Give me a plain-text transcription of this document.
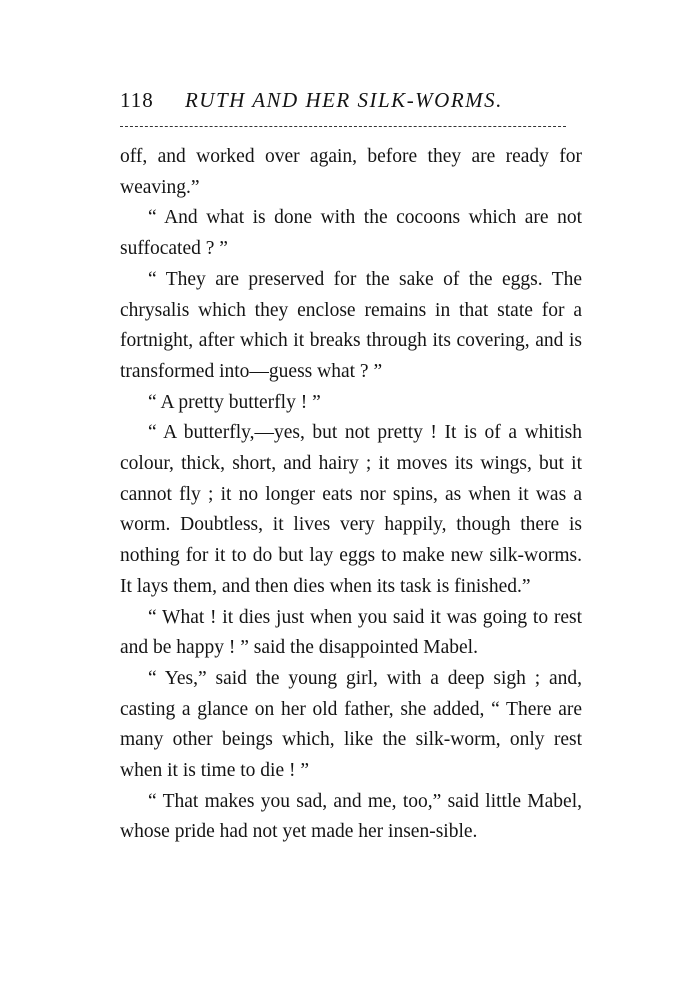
118 RUTH AND HER SILK-WORMS.

off, and worked over again, before they are ready for weaving.”

“ And what is done with the cocoons which are not suffocated ? ”

“ They are preserved for the sake of the eggs. The chrysalis which they enclose remains in that state for a fortnight, after which it breaks through its covering, and is transformed into—guess what ? ”

“ A pretty butterfly ! ”

“ A butterfly,—yes, but not pretty ! It is of a whitish colour, thick, short, and hairy ; it moves its wings, but it cannot fly ; it no longer eats nor spins, as when it was a worm. Doubtless, it lives very happily, though there is nothing for it to do but lay eggs to make new silk-worms. It lays them, and then dies when its task is finished.”

“ What ! it dies just when you said it was going to rest and be happy ! ” said the disappointed Mabel.

“ Yes,” said the young girl, with a deep sigh ; and, casting a glance on her old father, she added, “ There are many other beings which, like the silk-worm, only rest when it is time to die ! ”

“ That makes you sad, and me, too,” said little Mabel, whose pride had not yet made her insen-sible.
